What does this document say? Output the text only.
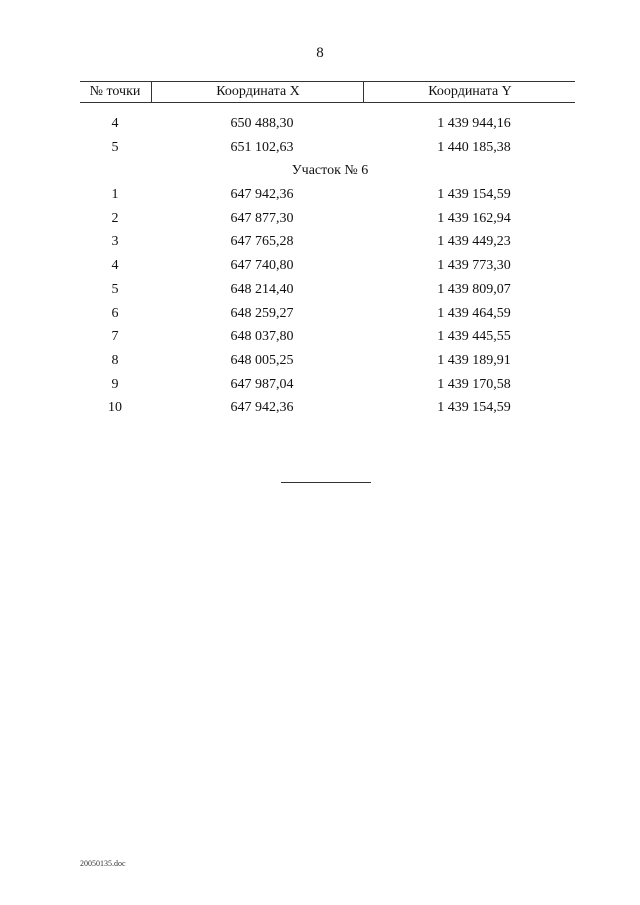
8
№ точки	Координата X	Координата Y
4	650 488,30	1 439 944,16
5	651 102,63	1 440 185,38
Участок № 6
1	647 942,36	1 439 154,59
2	647 877,30	1 439 162,94
3	647 765,28	1 439 449,23
4	647 740,80	1 439 773,30
5	648 214,40	1 439 809,07
6	648 259,27	1 439 464,59
7	648 037,80	1 439 445,55
8	648 005,25	1 439 189,91
9	647 987,04	1 439 170,58
10	647 942,36	1 439 154,59
20050135.doc
